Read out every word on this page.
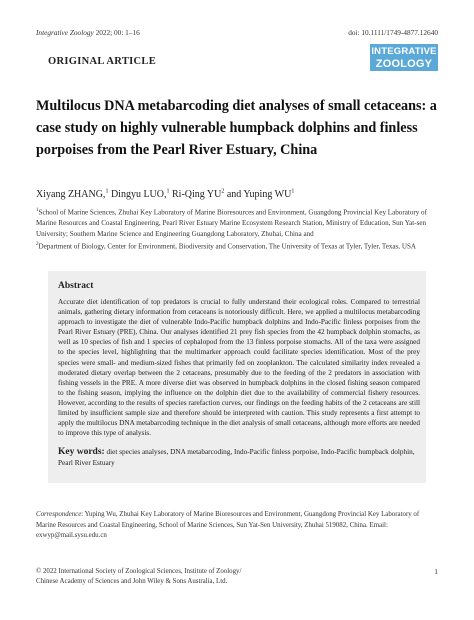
Integrative Zoology 2022; 00: 1–16	doi: 10.1111/1749-4877.12640
INTEGRATIVE
ZOOLOGY
ORIGINAL ARTICLE
Multilocus DNA metabarcoding diet analyses of small cetaceans: a case study on highly vulnerable humpback dolphins and finless porpoises from the Pearl River Estuary, China
Xiyang ZHANG,$^1$ Dingyu LUO,$^1$ Ri-Qing $YU^2$ and Yuping $WU^1$

$^1$School of Marine Sciences, Zhuhai Key Laboratory of Marine Bioresources and Environment, Guangdong Provincial Key Laboratory of Marine Resources and Coastal Engineering, Pearl River Estuary Marine Ecosystem Research Station, Ministry of Education, Sun Yat-sen University; Southern Marine Science and Engineering Guangdong Laboratory, Zhuhai, China and

$^2$Department of Biology, Center for Environment, Biodiversity and Conservation, The University of Texas at Tyler, Tyler, Texas, USA

Abstract
Accurate diet identification of top predators is crucial to fully understand their ecological roles. Compared to terrestrial animals, gathering dietary information from cetaceans is notoriously difficult. Here, we applied a multilocus metabarcoding approach to investigate the diet of vulnerable Indo-Pacific humpback dolphins and Indo-Pacific finless porpoises from the Pearl River Estuary (PRE), China. Our analyses identified 21 prey fish species from the 42 humpback dolphin stomachs, as well as 10 species of fish and 1 species of cephalopod from the 13 finless porpoise stomachs. All of the taxa were assigned to the species level, highlighting that the multimarker approach could facilitate species identification. Most of the prey species were small- and medium-sized fishes that primarily fed on zooplankton. The calculated similarity index revealed a moderated dietary overlap between the 2 cetaceans, presumably due to the feeding of the 2 predators in association with fishing vessels in the PRE. A more diverse diet was observed in humpback dolphins in the closed fishing season compared to the fishing season, implying the influence on the dolphin diet due to the availability of commercial fishery resources. However, according to the results of species rarefaction curves, our findings on the feeding habits of the 2 cetaceans are still limited by insufficient sample size and therefore should be interpreted with caution. This study represents a first attempt to apply the multilocus DNA metabarcoding technique in the diet analysis of small cetaceans, although more efforts are needed to improve this type of analysis.
Key words: diet species analyses, DNA metabarcoding, Indo-Pacific finless porpoise, Indo-Pacific humpback dolphin, Pearl River Estuary
Correspondence: Yuping Wu, Zhuhai Key Laboratory of Marine Bioresources and Environment, Guangdong Provincial Key Laboratory of Marine Resources and Coastal Engineering, School of Marine Sciences, Sun Yat-Sen University, Zhuhai 519082, China. Email: exwyp@mail.sysu.edu.cn
© 2022 International Society of Zoological Sciences, Institute of Zoology/
Chinese Academy of Sciences and John Wiley & Sons Australia, Ltd.
1
